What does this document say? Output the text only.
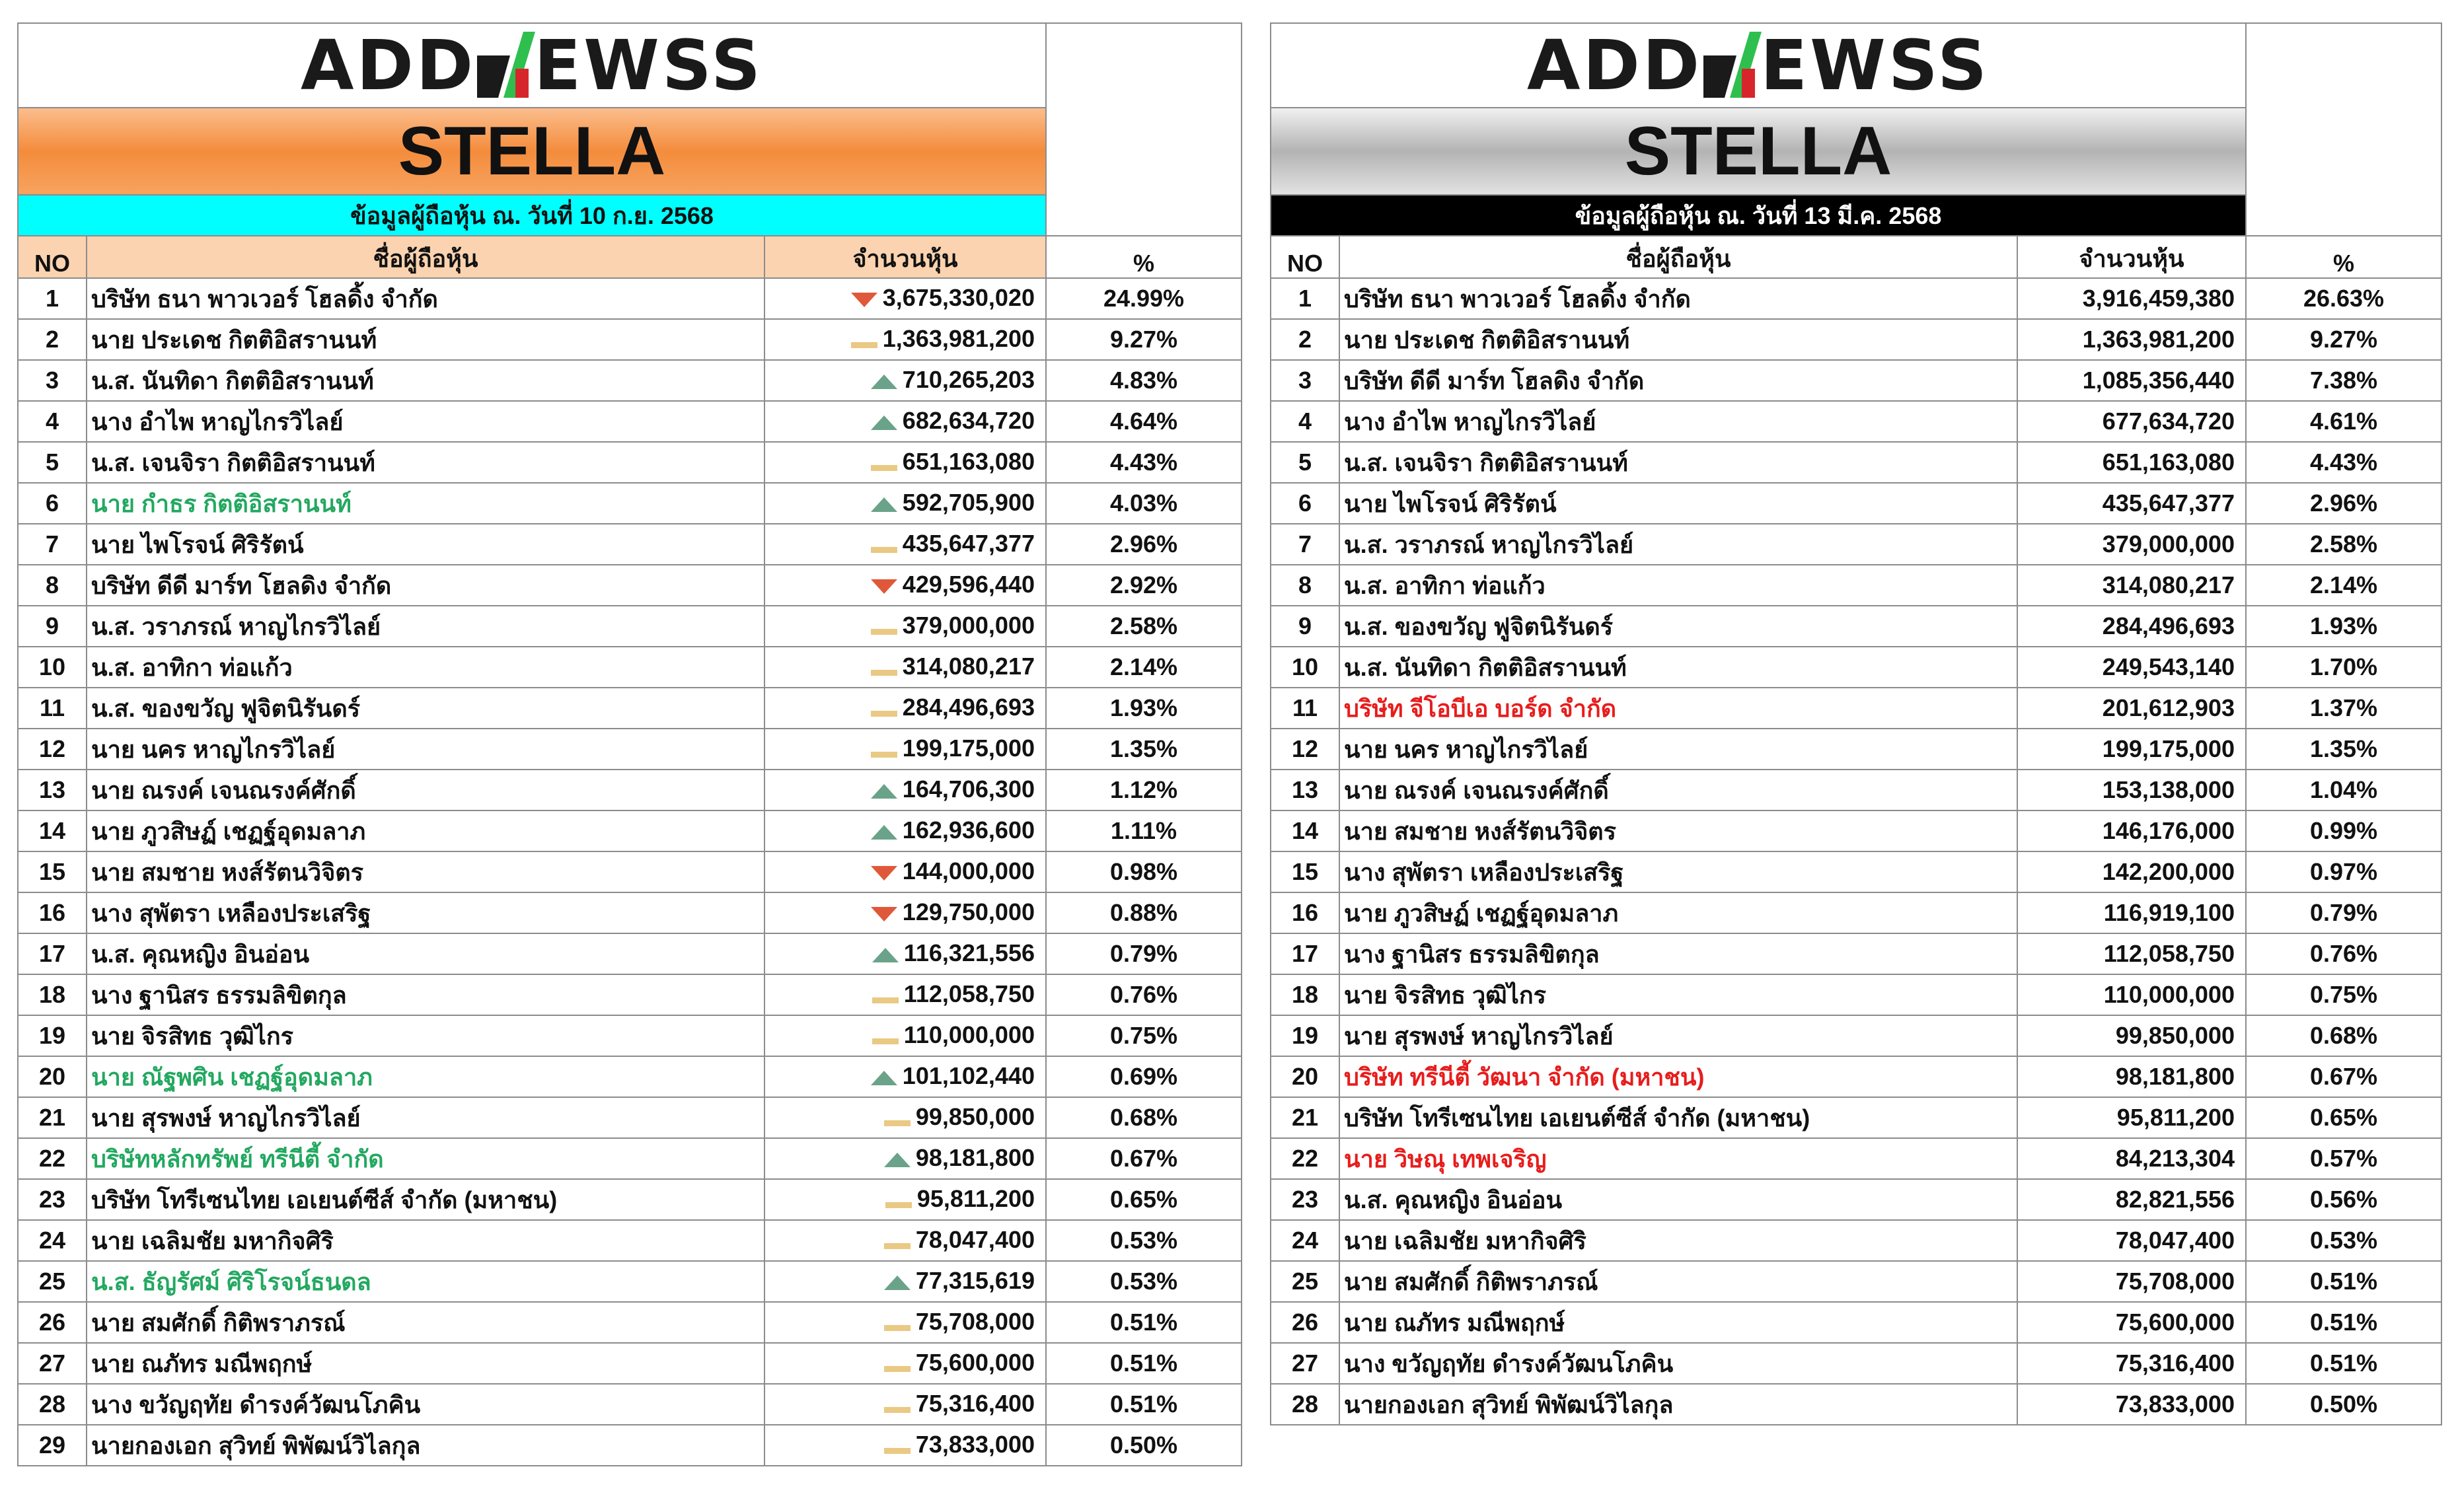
ADD EWSS			

STELLA			
ข้อมูลผู้ถือหุ้น ณ. วันที่ 10 ก.ย. 2568			
NO	ชื่อผู้ถือหุ้น	จำนวนหุ้น	%
1	บริษัท ธนา พาวเวอร์ โฮลดิ้ง จำกัด	3,675,330,020	24.99%
2	นาย ประเดช กิตติอิสรานนท์	1,363,981,200	9.27%
3	น.ส. นันทิดา กิตติอิสรานนท์	710,265,203	4.83%
4	นาง อำไพ หาญไกรวิไลย์	682,634,720	4.64%
5	น.ส. เจนจิรา กิตติอิสรานนท์	651,163,080	4.43%
6	นาย กำธร กิตติอิสรานนท์	592,705,900	4.03%
7	นาย ไพโรจน์ ศิริรัตน์	435,647,377	2.96%
8	บริษัท ดีดี มาร์ท โฮลดิง จำกัด	429,596,440	2.92%
9	น.ส. วราภรณ์ หาญไกรวิไลย์	379,000,000	2.58%
10	น.ส. อาทิกา ท่อแก้ว	314,080,217	2.14%
11	น.ส. ของขวัญ ฟูจิตนิรันดร์	284,496,693	1.93%
12	นาย นคร หาญไกรวิไลย์	199,175,000	1.35%
13	นาย ณรงค์ เจนณรงค์ศักดิ์	164,706,300	1.12%
14	นาย ภูวสิษฏ์ เชฏฐ์อุดมลาภ	162,936,600	1.11%
15	นาย สมชาย หงส์รัตนวิจิตร	144,000,000	0.98%
16	นาง สุพัตรา เหลืองประเสริฐ	129,750,000	0.88%
17	น.ส. คุณหญิง อินอ่อน	116,321,556	0.79%
18	นาง ฐานิสร ธรรมลิขิตกุล	112,058,750	0.76%
19	นาย จิรสิทธ วุฒิไกร	110,000,000	0.75%
20	นาย ณัฐพศิน เชฏฐ์อุดมลาภ	101,102,440	0.69%
21	นาย สุรพงษ์ หาญไกรวิไลย์	99,850,000	0.68%
22	บริษัทหลักทรัพย์ ทรีนีตี้ จำกัด	98,181,800	0.67%
23	บริษัท โทรีเซนไทย เอเยนต์ซีส์ จำกัด (มหาชน)	95,811,200	0.65%
24	นาย เฉลิมชัย มหากิจศิริ	78,047,400	0.53%
25	น.ส. ธัญรัศม์ ศิริโรจน์ธนดล	77,315,619	0.53%
26	นาย สมศักดิ์ กิติพราภรณ์	75,708,000	0.51%
27	นาย ณภัทร มณีพฤกษ์	75,600,000	0.51%
28	นาง ขวัญฤทัย ดำรงค์วัฒนโภคิน	75,316,400	0.51%
29	นายกองเอก สุวิทย์ พิพัฒน์วิไลกุล	73,833,000	0.50%
ADD EWSS			

STELLA			
ข้อมูลผู้ถือหุ้น ณ. วันที่ 13 มี.ค. 2568			
NO	ชื่อผู้ถือหุ้น	จำนวนหุ้น	%
1	บริษัท ธนา พาวเวอร์ โฮลดิ้ง จำกัด	3,916,459,380	26.63%
2	นาย ประเดช กิตติอิสรานนท์	1,363,981,200	9.27%
3	บริษัท ดีดี มาร์ท โฮลดิง จำกัด	1,085,356,440	7.38%
4	นาง อำไพ หาญไกรวิไลย์	677,634,720	4.61%
5	น.ส. เจนจิรา กิตติอิสรานนท์	651,163,080	4.43%
6	นาย ไพโรจน์ ศิริรัตน์	435,647,377	2.96%
7	น.ส. วราภรณ์ หาญไกรวิไลย์	379,000,000	2.58%
8	น.ส. อาทิกา ท่อแก้ว	314,080,217	2.14%
9	น.ส. ของขวัญ ฟูจิตนิรันดร์	284,496,693	1.93%
10	น.ส. นันทิดา กิตติอิสรานนท์	249,543,140	1.70%
11	บริษัท จีโอบีเอ บอร์ด จำกัด	201,612,903	1.37%
12	นาย นคร หาญไกรวิไลย์	199,175,000	1.35%
13	นาย ณรงค์ เจนณรงค์ศักดิ์	153,138,000	1.04%
14	นาย สมชาย หงส์รัตนวิจิตร	146,176,000	0.99%
15	นาง สุพัตรา เหลืองประเสริฐ	142,200,000	0.97%
16	นาย ภูวสิษฏ์ เชฏฐ์อุดมลาภ	116,919,100	0.79%
17	นาง ฐานิสร ธรรมลิขิตกุล	112,058,750	0.76%
18	นาย จิรสิทธ วุฒิไกร	110,000,000	0.75%
19	นาย สุรพงษ์ หาญไกรวิไลย์	99,850,000	0.68%
20	บริษัท ทรีนีตี้ วัฒนา จำกัด (มหาชน)	98,181,800	0.67%
21	บริษัท โทรีเซนไทย เอเยนต์ซีส์ จำกัด (มหาชน)	95,811,200	0.65%
22	นาย วิษณุ เทพเจริญ	84,213,304	0.57%
23	น.ส. คุณหญิง อินอ่อน	82,821,556	0.56%
24	นาย เฉลิมชัย มหากิจศิริ	78,047,400	0.53%
25	นาย สมศักดิ์ กิติพราภรณ์	75,708,000	0.51%
26	นาย ณภัทร มณีพฤกษ์	75,600,000	0.51%
27	นาง ขวัญฤทัย ดำรงค์วัฒนโภคิน	75,316,400	0.51%
28	นายกองเอก สุวิทย์ พิพัฒน์วิไลกุล	73,833,000	0.50%
